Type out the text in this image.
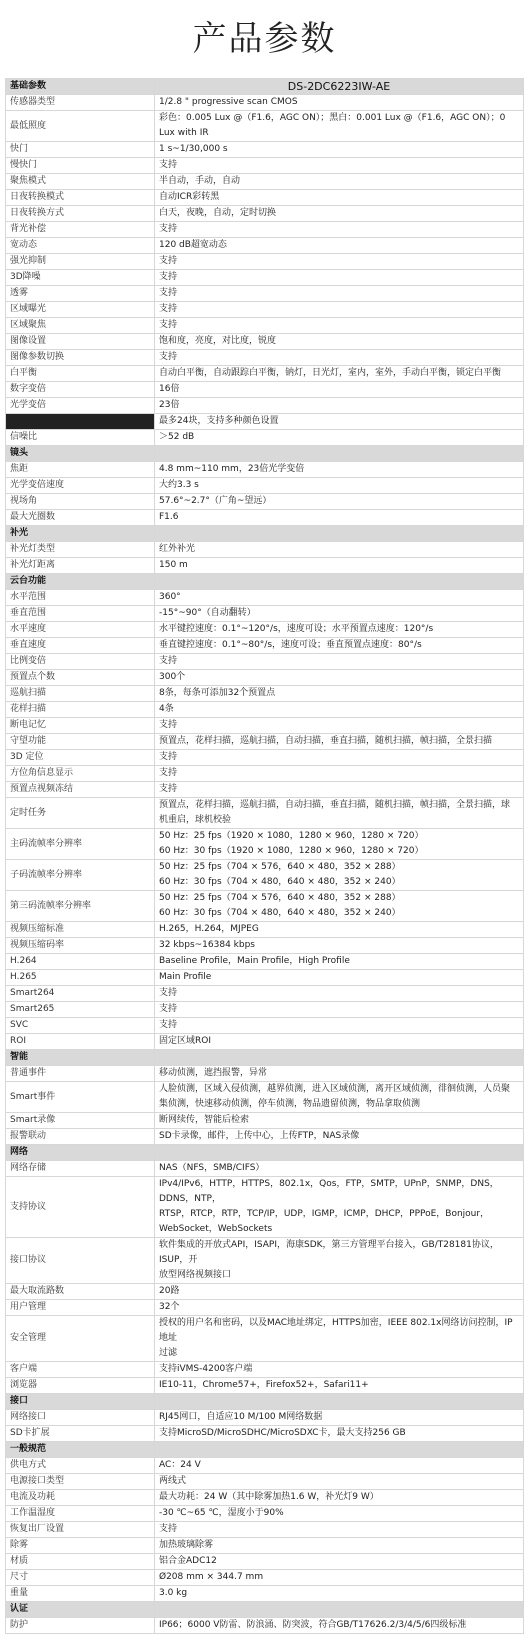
产品参数
基础参数	DS-2DC6223IW-AE
传感器类型	1/2.8 " progressive scan CMOS

最低照度	彩色：0.005 Lux @（F1.6，AGC ON）；黑白：0.001 Lux @（F1.6，AGC ON）；0 Lux with IR

快门	1 s~1/30,000 s

慢快门	支持

聚焦模式	半自动，手动，自动

日夜转换模式	自动ICR彩转黑

日夜转换方式	白天，夜晚，自动，定时切换

背光补偿	支持

宽动态	120 dB超宽动态

强光抑制	支持

3D降噪	支持

透雾	支持

区域曝光	支持

区域聚焦	支持

图像设置	饱和度，亮度，对比度，锐度

图像参数切换	支持

白平衡	自动白平衡，自动跟踪白平衡，钠灯，日光灯，室内，室外，手动白平衡，锁定白平衡

数字变倍	16倍

光学变倍	23倍

	最多24块，支持多种颜色设置

信噪比	＞52 dB

镜头	
焦距	4.8 mm~110 mm，23倍光学变倍

光学变倍速度	大约3.3 s

视场角	57.6°~2.7°（广角~望远）

最大光圈数	F1.6

补光	
补光灯类型	红外补光

补光灯距离	150 m

云台功能	
水平范围	360°

垂直范围	-15°~90°（自动翻转）

水平速度	水平键控速度：0.1°~120°/s，速度可设；水平预置点速度：120°/s

垂直速度	垂直键控速度：0.1°~80°/s，速度可设；垂直预置点速度：80°/s

比例变倍	支持

预置点个数	300个

巡航扫描	8条，每条可添加32个预置点

花样扫描	4条

断电记忆	支持

守望功能	预置点，花样扫描，巡航扫描，自动扫描，垂直扫描，随机扫描，帧扫描，全景扫描

3D 定位	支持

方位角信息显示	支持

预置点视频冻结	支持

定时任务	预置点，花样扫描，巡航扫描，自动扫描，垂直扫描，随机扫描，帧扫描，全景扫描，球
机重启，球机校验

主码流帧率分辨率	50 Hz：25 fps（1920 × 1080，1280 × 960，1280 × 720）
60 Hz：30 fps（1920 × 1080，1280 × 960，1280 × 720）

子码流帧率分辨率	50 Hz：25 fps（704 × 576，640 × 480，352 × 288）
60 Hz：30 fps（704 × 480，640 × 480，352 × 240）

第三码流帧率分辨率	50 Hz：25 fps（704 × 576，640 × 480，352 × 288）
60 Hz：30 fps（704 × 480，640 × 480，352 × 240）

视频压缩标准	H.265，H.264，MJPEG

视频压缩码率	32 kbps~16384 kbps

H.264	Baseline Profile，Main Profile，High Profile

H.265	Main Profile

Smart264	支持

Smart265	支持

SVC	支持

ROI	固定区域ROI

智能	
普通事件	移动侦测，遮挡报警，异常

Smart事件	人脸侦测，区域入侵侦测，越界侦测，进入区域侦测，离开区域侦测，徘徊侦测，人员聚
集侦测，快速移动侦测，停车侦测，物品遗留侦测，物品拿取侦测

Smart录像	断网续传，智能后检索

报警联动	SD卡录像，邮件，上传中心，上传FTP，NAS录像

网络	
网络存储	NAS（NFS，SMB/CIFS）

支持协议	IPv4/IPv6，HTTP，HTTPS，802.1x，Qos，FTP，SMTP，UPnP，SNMP，DNS，DDNS，NTP，
RTSP，RTCP，RTP，TCP/IP，UDP，IGMP，ICMP，DHCP，PPPoE，Bonjour，WebSocket，WebSockets

接口协议	软件集成的开放式API，ISAPI，海康SDK，第三方管理平台接入，GB/T28181协议，ISUP，开
放型网络视频接口

最大取流路数	20路

用户管理	32个

安全管理	授权的用户名和密码，以及MAC地址绑定，HTTPS加密，IEEE 802.1x网络访问控制，IP地址
过滤

客户端	支持iVMS-4200客户端

浏览器	IE10-11，Chrome57+，Firefox52+，Safari11+

接口	
网络接口	RJ45网口，自适应10 M/100 M网络数据

SD卡扩展	支持MicroSD/MicroSDHC/MicroSDXC卡，最大支持256 GB

一般规范	
供电方式	AC：24 V

电源接口类型	两线式

电流及功耗	最大功耗：24 W（其中除雾加热1.6 W，补光灯9 W）

工作温湿度	-30 ℃~65 ℃，湿度小于90%

恢复出厂设置	支持

除雾	加热玻璃除雾

材质	铝合金ADC12

尺寸	Ø208 mm × 344.7 mm

重量	3.0 kg

认证	
防护	IP66；6000 V防雷、防浪涌、防突波，符合GB/T17626.2/3/4/5/6四级标准
